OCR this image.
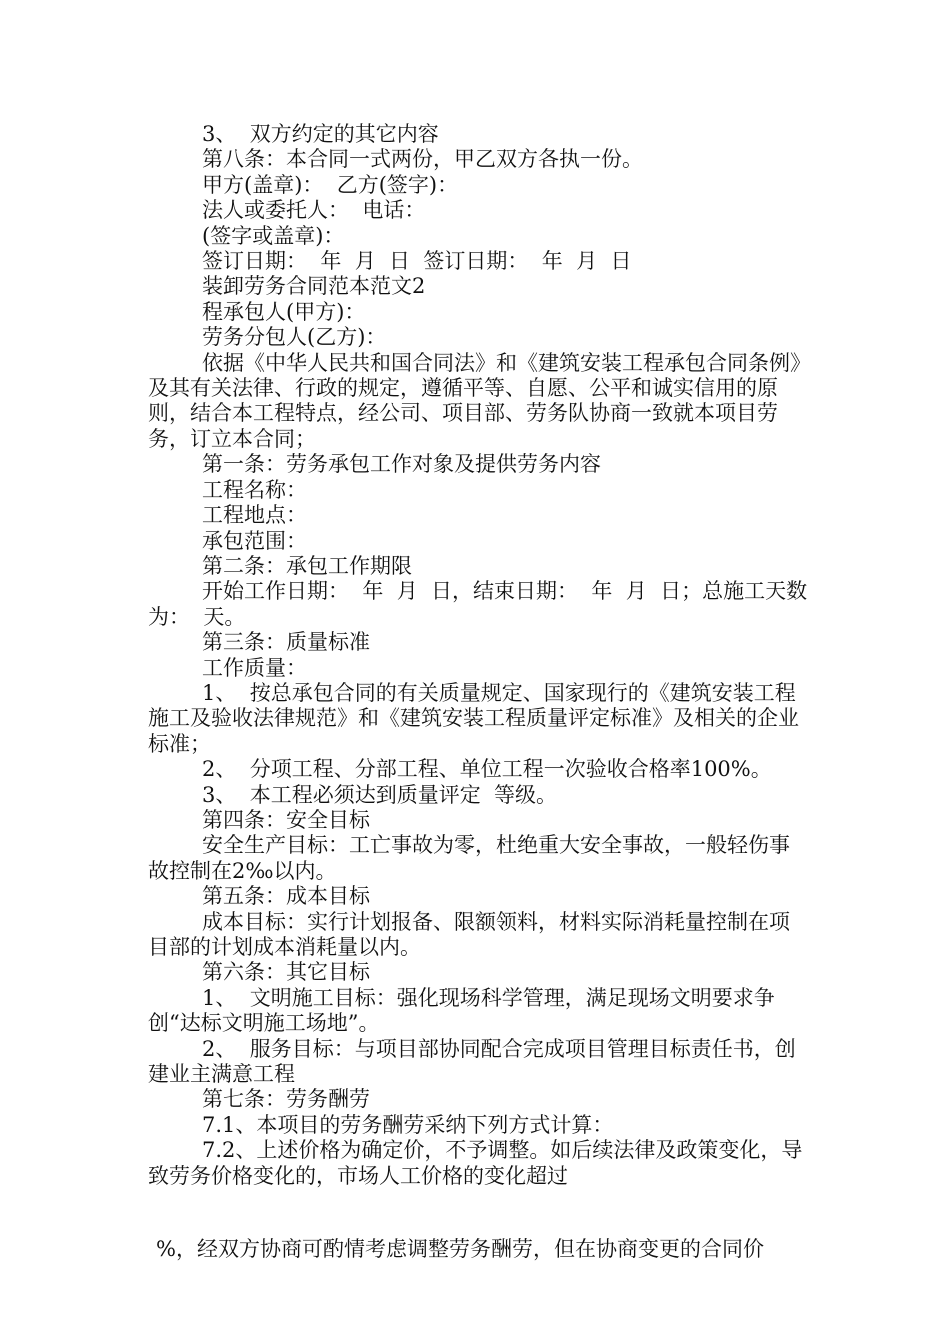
3、  双方约定的其它内容

第八条：本合同一式两份，甲乙双方各执一份。

甲方(盖章)：  乙方(签字)：

法人或委托人：  电话：

(签字或盖章)：

签订日期：  年  月  日  签订日期：  年  月  日

装卸劳务合同范本范文2

程承包人(甲方)：

劳务分包人(乙方)：

依据《中华人民共和国合同法》和《建筑安装工程承包合同条例》及其有关法律、行政的规定，遵循平等、自愿、公平和诚实信用的原则，结合本工程特点，经公司、项目部、劳务队协商一致就本项目劳务，订立本合同；

第一条：劳务承包工作对象及提供劳务内容

工程名称：

工程地点：

承包范围：

第二条：承包工作期限

开始工作日期：  年  月  日，结束日期：  年  月  日；总施工天数为：  天。

第三条：质量标准

工作质量：

1、  按总承包合同的有关质量规定、国家现行的《建筑安装工程施工及验收法律规范》和《建筑安装工程质量评定标准》及相关的企业标准；

2、  分项工程、分部工程、单位工程一次验收合格率100%。

3、  本工程必须达到质量评定  等级。

第四条：安全目标

安全生产目标：工亡事故为零，杜绝重大安全事故，一般轻伤事故控制在2‰以内。

第五条：成本目标

成本目标：实行计划报备、限额领料，材料实际消耗量控制在项目部的计划成本消耗量以内。

第六条：其它目标

1、  文明施工目标：强化现场科学管理，满足现场文明要求争创“达标文明施工场地”。

2、  服务目标：与项目部协同配合完成项目管理目标责任书，创建业主满意工程

第七条：劳务酬劳

7.1、本项目的劳务酬劳采纳下列方式计算：

7.2、上述价格为确定价，不予调整。如后续法律及政策变化，导致劳务价格变化的，市场人工价格的变化超过

%，经双方协商可酌情考虑调整劳务酬劳，但在协商变更的合同价
